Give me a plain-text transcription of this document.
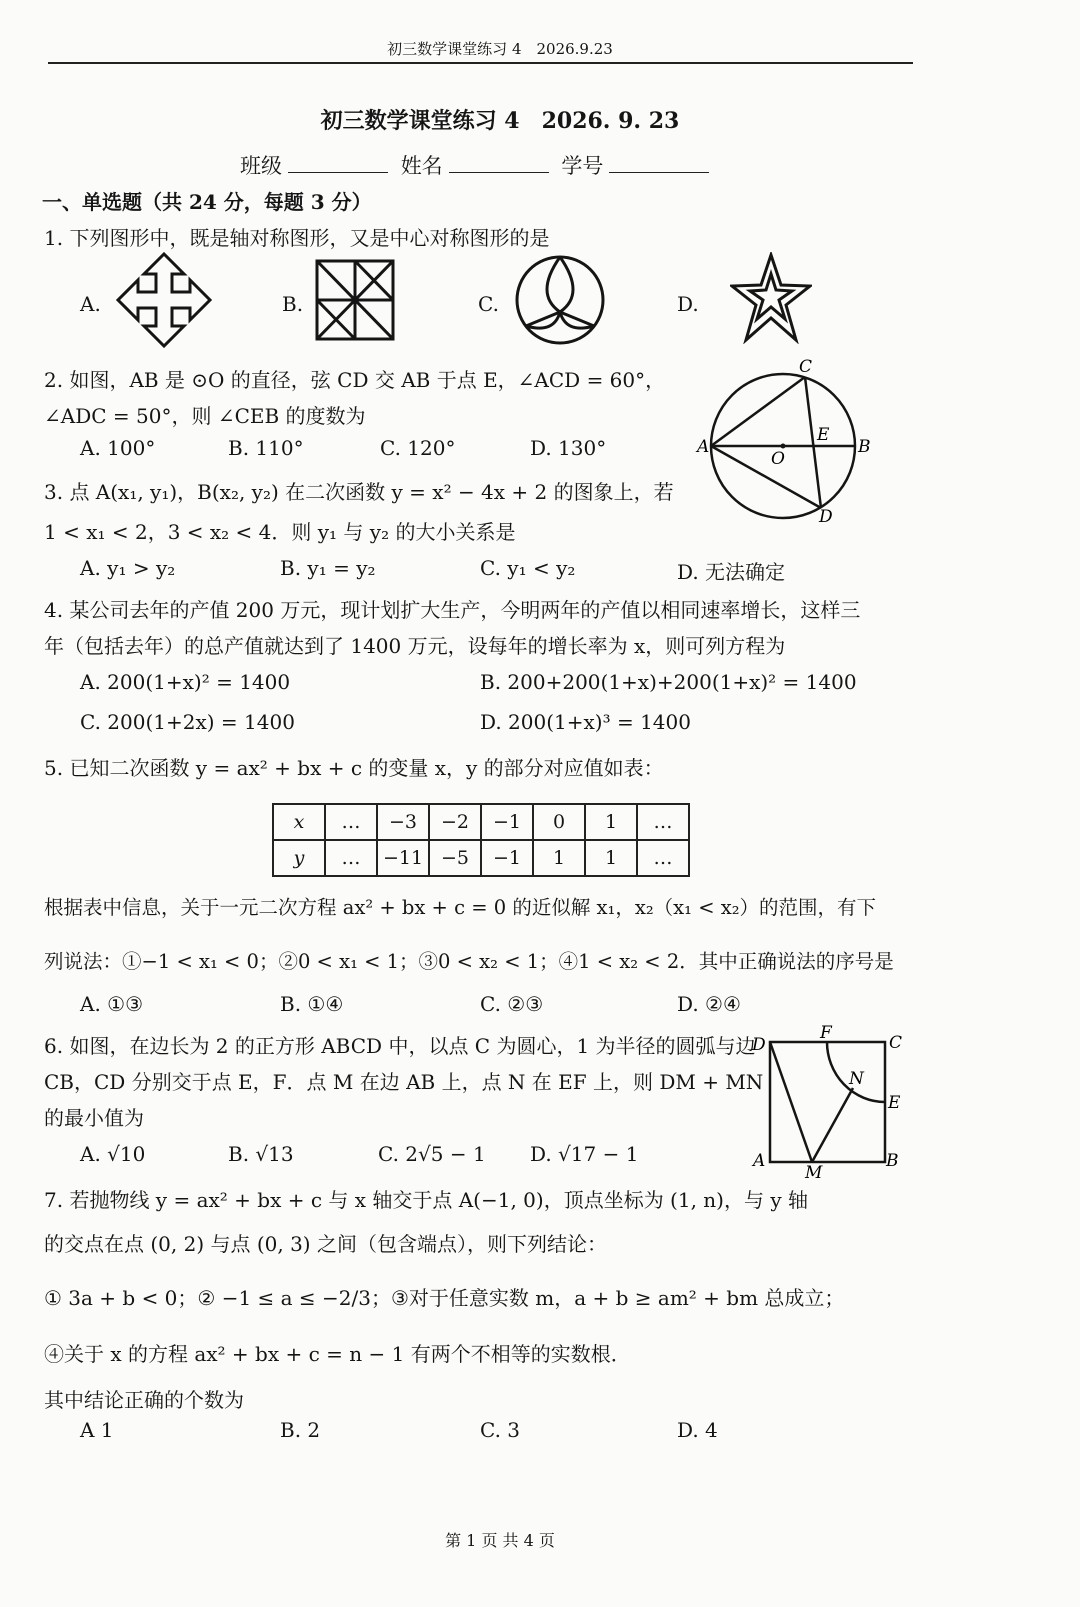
初三数学课堂练习 4　2026.9.23
初三数学课堂练习 4　2026. 9. 23
班级	姓名	学号
一、单选题（共 24 分，每题 3 分）
1. 下列图形中，既是轴对称图形，又是中心对称图形的是
A.	B.	C.	D.
2. 如图，AB 是 ⊙O 的直径，弦 CD 交 AB 于点 E，∠ACD = 60°，
∠ADC = 50°，则 ∠CEB 的度数为
A. 100°	B. 110°	C. 120°	D. 130°
C
A
E
B
O
D
3. 点 A(x₁, y₁)，B(x₂, y₂) 在二次函数 y = x² − 4x + 2 的图象上，若
1 < x₁ < 2，3 < x₂ < 4．则 y₁ 与 y₂ 的大小关系是
A. y₁ > y₂	B. y₁ = y₂	C. y₁ < y₂	D. 无法确定
4. 某公司去年的产值 200 万元，现计划扩大生产，今明两年的产值以相同速率增长，这样三
年（包括去年）的总产值就达到了 1400 万元，设每年的增长率为 x，则可列方程为
A. 200(1+x)² = 1400	B. 200+200(1+x)+200(1+x)² = 1400
C. 200(1+2x) = 1400	D. 200(1+x)³ = 1400
5. 已知二次函数 y = ax² + bx + c 的变量 x，y 的部分对应值如表：
x	…	−3	−2	−1	0	1	…
y	…	−11	−5	−1	1	1	…
根据表中信息，关于一元二次方程 ax² + bx + c = 0 的近似解 x₁，x₂（x₁ < x₂）的范围，有下
列说法：①−1 < x₁ < 0；②0 < x₁ < 1；③0 < x₂ < 1；④1 < x₂ < 2．其中正确说法的序号是
A. ①③	B. ①④	C. ②③	D. ②④
6. 如图，在边长为 2 的正方形 ABCD 中，以点 C 为圆心，1 为半径的圆弧与边
CB，CD 分别交于点 E，F．点 M 在边 AB 上，点 N 在 EF 上，则 DM + MN
的最小值为
A. √10	B. √13	C. 2√5 − 1 D. √17 − 1
D
F	C
N
E
A
M
B
7. 若抛物线 y = ax² + bx + c 与 x 轴交于点 A(−1, 0)，顶点坐标为 (1, n)，与 y 轴
的交点在点 (0, 2) 与点 (0, 3) 之间（包含端点），则下列结论：
① 3a + b < 0；② −1 ≤ a ≤ −2/3；③对于任意实数 m，a + b ≥ am² + bm 总成立；
④关于 x 的方程 ax² + bx + c = n − 1 有两个不相等的实数根．
其中结论正确的个数为
A 1	B. 2	C. 3	D. 4
第 1 页 共 4 页
